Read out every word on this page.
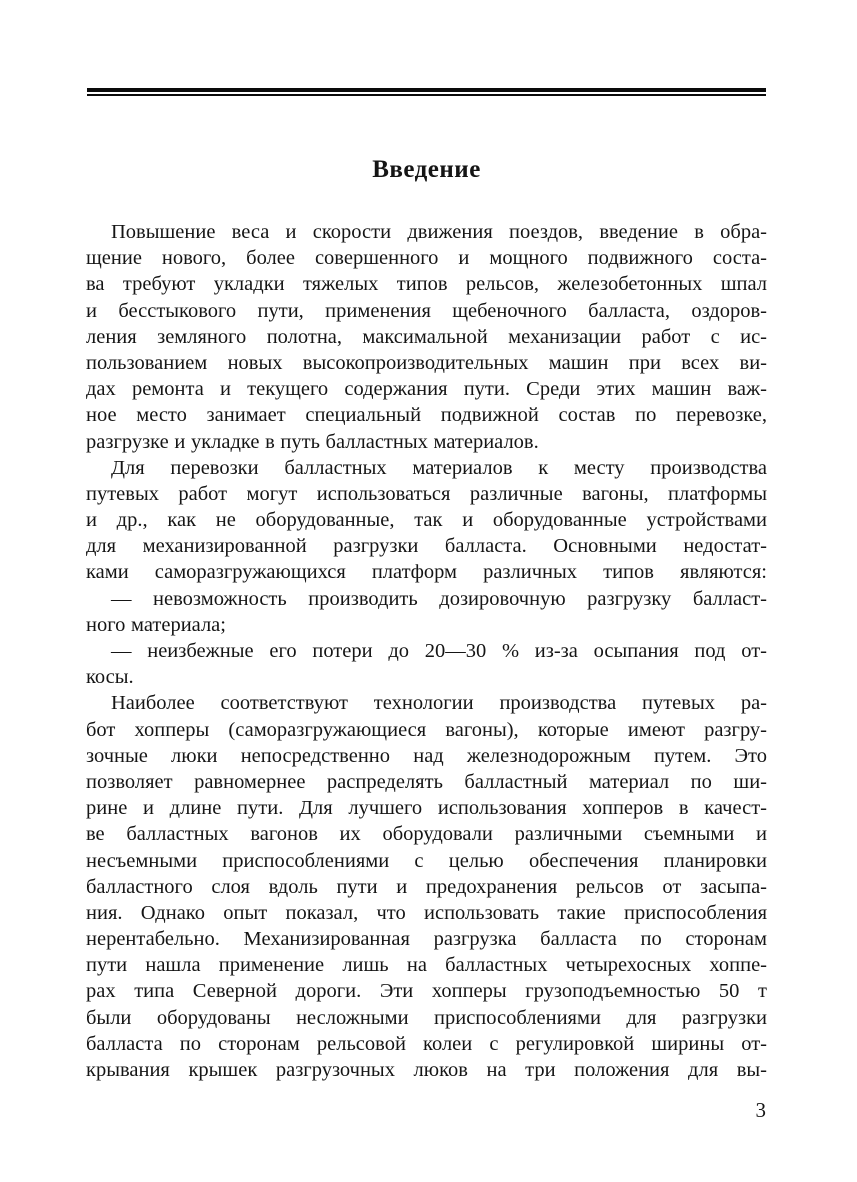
Введение
Повышение веса и скорости движения поездов, введение в обра-
щение нового, более совершенного и мощного подвижного соста-
ва требуют укладки тяжелых типов рельсов, железобетонных шпал
и бесстыкового пути, применения щебеночного балласта, оздоров-
ления земляного полотна, максимальной механизации работ с ис-
пользованием новых высокопроизводительных машин при всех ви-
дах ремонта и текущего содержания пути. Среди этих машин важ-
ное место занимает специальный подвижной состав по перевозке,
разгрузке и укладке в путь балластных материалов.
Для перевозки балластных материалов к месту производства
путевых работ могут использоваться различные вагоны, платформы
и др., как не оборудованные, так и оборудованные устройствами
для механизированной разгрузки балласта. Основными недостат-
ками саморазгружающихся платформ различных типов являются:
— невозможность производить дозировочную разгрузку балласт-
ного материала;
— неизбежные его потери до 20—30 % из-за осыпания под от-
косы.
Наиболее соответствуют технологии производства путевых ра-
бот хопперы (саморазгружающиеся вагоны), которые имеют разгру-
зочные люки непосредственно над железнодорожным путем. Это
позволяет равномернее распределять балластный материал по ши-
рине и длине пути. Для лучшего использования хопперов в качест-
ве балластных вагонов их оборудовали различными съемными и
несъемными приспособлениями с целью обеспечения планировки
балластного слоя вдоль пути и предохранения рельсов от засыпа-
ния. Однако опыт показал, что использовать такие приспособления
нерентабельно. Механизированная разгрузка балласта по сторонам
пути нашла применение лишь на балластных четырехосных хоппе-
рах типа Северной дороги. Эти хопперы грузоподъемностью 50 т
были оборудованы несложными приспособлениями для разгрузки
балласта по сторонам рельсовой колеи с регулировкой ширины от-
крывания крышек разгрузочных люков на три положения для вы-
3
